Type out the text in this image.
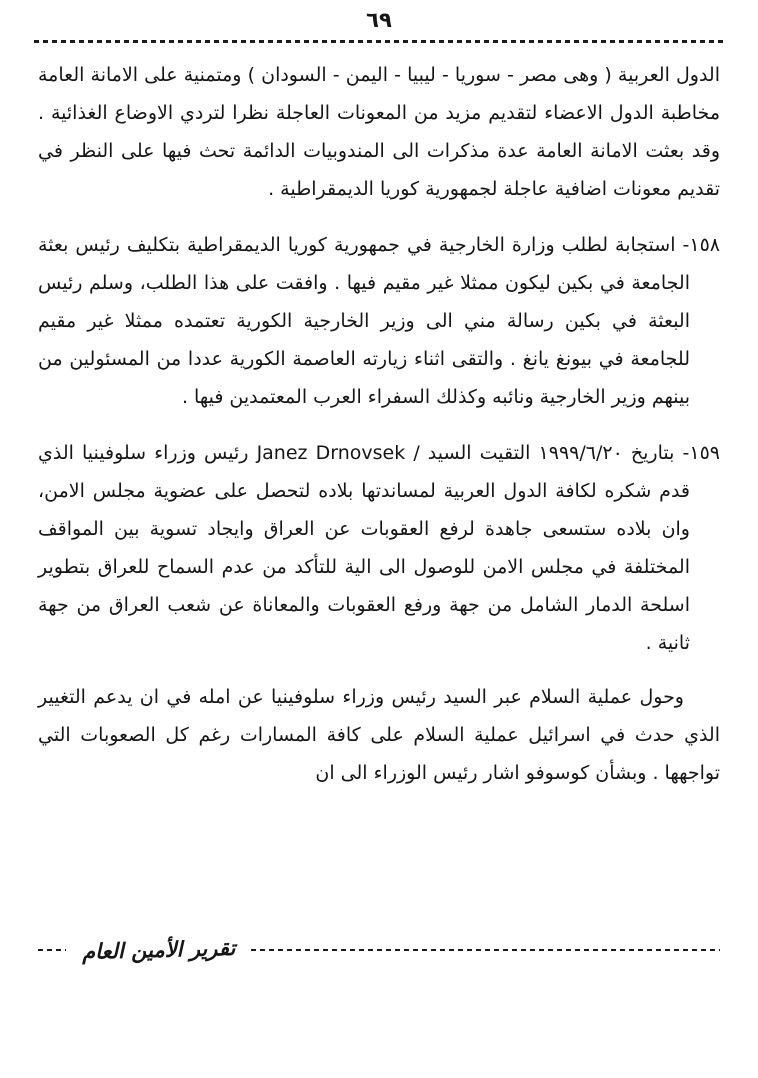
٦٩

الدول العربية ( وهى مصر - سوريا - ليبيا - اليمن - السودان ) ومتمنية على الامانة العامة مخاطبة الدول الاعضاء لتقديم مزيد من المعونات العاجلة نظرا لتردي الاوضاع الغذائية . وقد بعثت الامانة العامة عدة مذكرات الى المندوبيات الدائمة تحث فيها على النظر في تقديم معونات اضافية عاجلة لجمهورية كوريا الديمقراطية .

١٥٨- استجابة لطلب وزارة الخارجية في جمهورية كوريا الديمقراطية بتكليف رئيس بعثة الجامعة في بكين ليكون ممثلا غير مقيم فيها . وافقت على هذا الطلب، وسلم رئيس البعثة في بكين رسالة مني الى وزير الخارجية الكورية تعتمده ممثلا غير مقيم للجامعة في بيونغ يانغ . والتقى اثناء زيارته العاصمة الكورية عددا من المسئولين من بينهم وزير الخارجية ونائبه وكذلك السفراء العرب المعتمدين فيها .

١٥٩- بتاريخ ١٩٩٩/٦/٢٠ التقيت السيد / Janez Drnovsek رئيس وزراء سلوفينيا الذي قدم شكره لكافة الدول العربية لمساندتها بلاده لتحصل على عضوية مجلس الامن، وان بلاده ستسعى جاهدة لرفع العقوبات عن العراق وايجاد تسوية بين المواقف المختلفة في مجلس الامن للوصول الى الية للتأكد من عدم السماح للعراق بتطوير اسلحة الدمار الشامل من جهة ورفع العقوبات والمعاناة عن شعب العراق من جهة ثانية .

وحول عملية السلام عبر السيد رئيس وزراء سلوفينيا عن امله في ان يدعم التغيير الذي حدث في اسرائيل عملية السلام على كافة المسارات رغم كل الصعوبات التي تواجهها . وبشأن كوسوفو اشار رئيس الوزراء الى ان

تقرير الأمين العام
